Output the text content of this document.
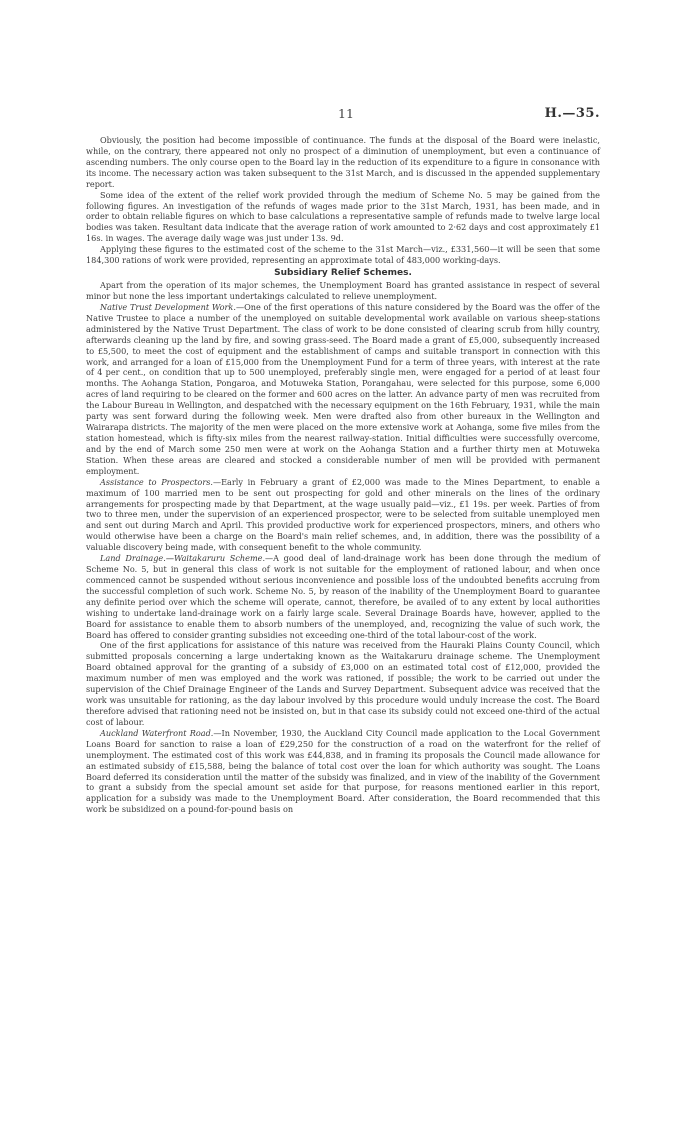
11	H.—35.

Obviously, the position had become impossible of continuance. The funds at the disposal of the Board were inelastic, while, on the contrary, there appeared not only no prospect of a diminution of unemployment, but even a continuance of ascending numbers. The only course open to the Board lay in the reduction of its expenditure to a figure in consonance with its income. The necessary action was taken subsequent to the 31st March, and is discussed in the appended supplementary report.

Some idea of the extent of the relief work provided through the medium of Scheme No. 5 may be gained from the following figures. An investigation of the refunds of wages made prior to the 31st March, 1931, has been made, and in order to obtain reliable figures on which to base calculations a representative sample of refunds made to twelve large local bodies was taken. Resultant data indicate that the average ration of work amounted to 2·62 days and cost approximately £1 16s. in wages. The average daily wage was just under 13s. 9d.

Applying these figures to the estimated cost of the scheme to the 31st March—viz., £331,560—it will be seen that some 184,300 rations of work were provided, representing an approximate total of 483,000 working-days.

Subsidiary Relief Schemes.

Apart from the operation of its major schemes, the Unemployment Board has granted assistance in respect of several minor but none the less important undertakings calculated to relieve unemployment.

Native Trust Development Work.—One of the first operations of this nature considered by the Board was the offer of the Native Trustee to place a number of the unemployed on suitable developmental work available on various sheep-stations administered by the Native Trust Department. The class of work to be done consisted of clearing scrub from hilly country, afterwards cleaning up the land by fire, and sowing grass-seed. The Board made a grant of £5,000, subsequently increased to £5,500, to meet the cost of equipment and the establishment of camps and suitable transport in connection with this work, and arranged for a loan of £15,000 from the Unemployment Fund for a term of three years, with interest at the rate of 4 per cent., on condition that up to 500 unemployed, preferably single men, were engaged for a period of at least four months. The Aohanga Station, Pongaroa, and Motuweka Station, Porangahau, were selected for this purpose, some 6,000 acres of land requiring to be cleared on the former and 600 acres on the latter. An advance party of men was recruited from the Labour Bureau in Wellington, and despatched with the necessary equipment on the 16th February, 1931, while the main party was sent forward during the following week. Men were drafted also from other bureaux in the Wellington and Wairarapa districts. The majority of the men were placed on the more extensive work at Aohanga, some five miles from the station homestead, which is fifty-six miles from the nearest railway-station. Initial difficulties were successfully overcome, and by the end of March some 250 men were at work on the Aohanga Station and a further thirty men at Motuweka Station. When these areas are cleared and stocked a considerable number of men will be provided with permanent employment.

Assistance to Prospectors.—Early in February a grant of £2,000 was made to the Mines Department, to enable a maximum of 100 married men to be sent out prospecting for gold and other minerals on the lines of the ordinary arrangements for prospecting made by that Department, at the wage usually paid—viz., £1 19s. per week. Parties of from two to three men, under the supervision of an experienced prospector, were to be selected from suitable unemployed men and sent out during March and April. This provided productive work for experienced prospectors, miners, and others who would otherwise have been a charge on the Board's main relief schemes, and, in addition, there was the possibility of a valuable discovery being made, with consequent benefit to the whole community.

Land Drainage.—Waitakaruru Scheme.—A good deal of land-drainage work has been done through the medium of Scheme No. 5, but in general this class of work is not suitable for the employment of rationed labour, and when once commenced cannot be suspended without serious inconvenience and possible loss of the undoubted benefits accruing from the successful completion of such work. Scheme No. 5, by reason of the inability of the Unemployment Board to guarantee any definite period over which the scheme will operate, cannot, therefore, be availed of to any extent by local authorities wishing to undertake land-drainage work on a fairly large scale. Several Drainage Boards have, however, applied to the Board for assistance to enable them to absorb numbers of the unemployed, and, recognizing the value of such work, the Board has offered to consider granting subsidies not exceeding one-third of the total labour-cost of the work.

One of the first applications for assistance of this nature was received from the Hauraki Plains County Council, which submitted proposals concerning a large undertaking known as the Waitakaruru drainage scheme. The Unemployment Board obtained approval for the granting of a subsidy of £3,000 on an estimated total cost of £12,000, provided the maximum number of men was employed and the work was rationed, if possible; the work to be carried out under the supervision of the Chief Drainage Engineer of the Lands and Survey Department. Subsequent advice was received that the work was unsuitable for rationing, as the day labour involved by this procedure would unduly increase the cost. The Board therefore advised that rationing need not be insisted on, but in that case its subsidy could not exceed one-third of the actual cost of labour.

Auckland Waterfront Road.—In November, 1930, the Auckland City Council made application to the Local Government Loans Board for sanction to raise a loan of £29,250 for the construction of a road on the waterfront for the relief of unemployment. The estimated cost of this work was £44,838, and in framing its proposals the Council made allowance for an estimated subsidy of £15,588, being the balance of total cost over the loan for which authority was sought. The Loans Board deferred its consideration until the matter of the subsidy was finalized, and in view of the inability of the Government to grant a subsidy from the special amount set aside for that purpose, for reasons mentioned earlier in this report, application for a subsidy was made to the Unemployment Board. After consideration, the Board recommended that this work be subsidized on a pound-for-pound basis on
